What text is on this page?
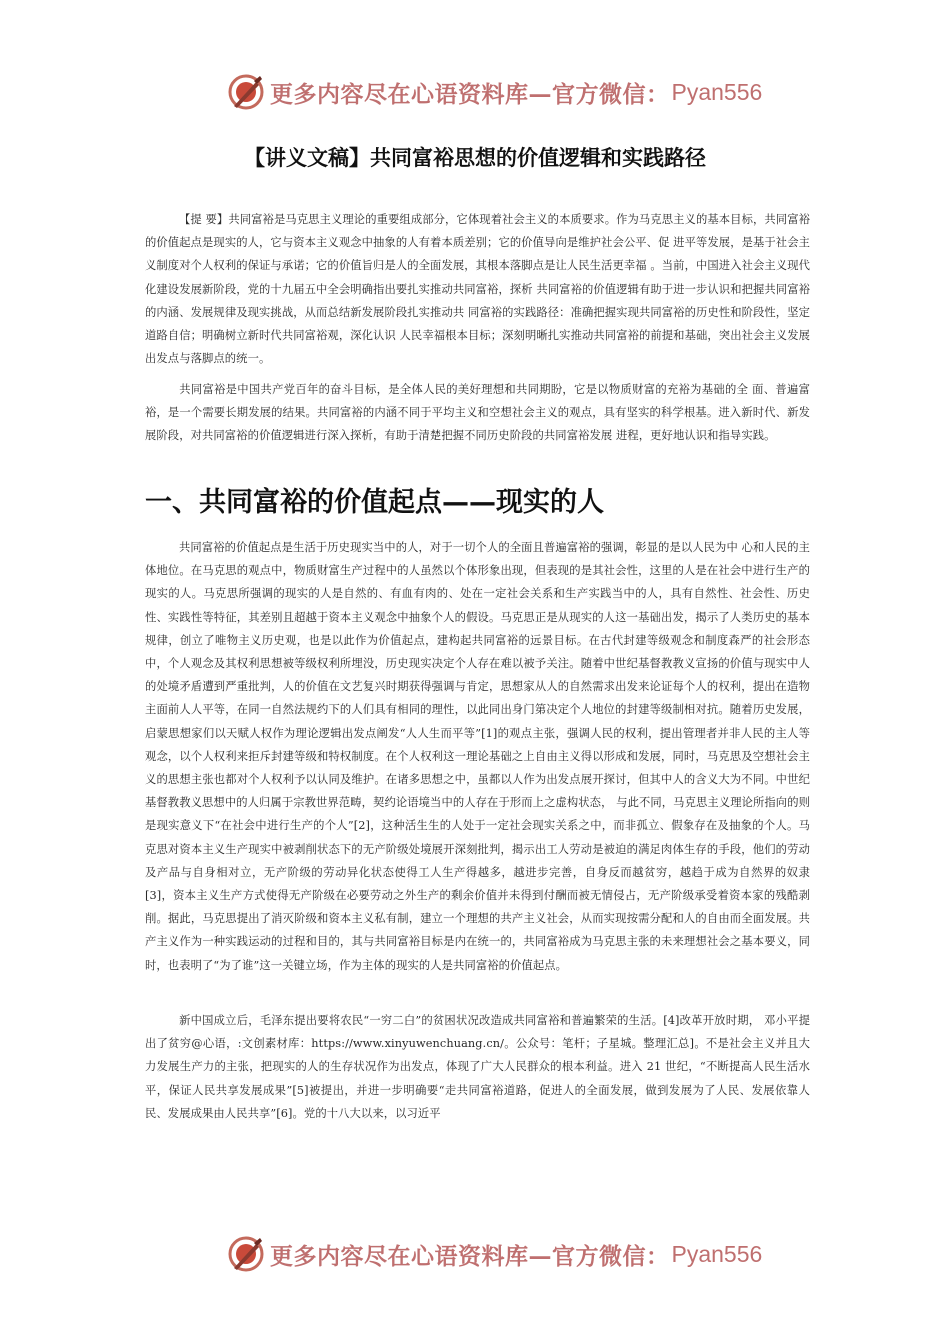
更多内容尽在心语资料库—官方微信： Pyan556
【讲义文稿】共同富裕思想的价值逻辑和实践路径

【提 要】共同富裕是马克思主义理论的重要组成部分，它体现着社会主义的本质要求。作为马克思主义的基本目标，共同富裕的价值起点是现实的人，它与资本主义观念中抽象的人有着本质差别；它的价值导向是维护社会公平、促 进平等发展，是基于社会主义制度对个人权利的保证与承诺；它的价值旨归是人的全面发展，其根本落脚点是让人民生活更幸福 。当前，中国进入社会主义现代化建设发展新阶段，党的十九届五中全会明确指出要扎实推动共同富裕，探析 共同富裕的价值逻辑有助于进一步认识和把握共同富裕的内涵、发展规律及现实挑战，从而总结新发展阶段扎实推动共 同富裕的实践路径：准确把握实现共同富裕的历史性和阶段性，坚定道路自信；明确树立新时代共同富裕观，深化认识 人民幸福根本目标；深刻明晰扎实推动共同富裕的前提和基础，突出社会主义发展出发点与落脚点的统一。

共同富裕是中国共产党百年的奋斗目标，是全体人民的美好理想和共同期盼，它是以物质财富的充裕为基础的全 面、普遍富裕，是一个需要长期发展的结果。共同富裕的内涵不同于平均主义和空想社会主义的观点，具有坚实的科学根基。进入新时代、新发展阶段，对共同富裕的价值逻辑进行深入探析，有助于清楚把握不同历史阶段的共同富裕发展 进程，更好地认识和指导实践。

一、共同富裕的价值起点——现实的人

共同富裕的价值起点是生活于历史现实当中的人，对于一切个人的全面且普遍富裕的强调，彰显的是以人民为中 心和人民的主体地位。在马克思的观点中，物质财富生产过程中的人虽然以个体形象出现，但表现的是其社会性，这里的人是在社会中进行生产的现实的人。马克思所强调的现实的人是自然的、有血有肉的、处在一定社会关系和生产实践当中的人，具有自然性、社会性、历史性、实践性等特征，其差别且超越于资本主义观念中抽象个人的假设。马克思正是从现实的人这一基础出发，揭示了人类历史的基本规律，创立了唯物主义历史观，也是以此作为价值起点，建构起共同富裕的远景目标。在古代封建等级观念和制度森严的社会形态中，个人观念及其权利思想被等级权利所埋没，历史现实决定个人存在难以被予关注。随着中世纪基督教教义宣扬的价值与现实中人的处境矛盾遭到严重批判，人的价值在文艺复兴时期获得强调与肯定，思想家从人的自然需求出发来论证每个人的权利，提出在造物主面前人人平等，在同一自然法规约下的人们具有相同的理性，以此同出身门第决定个人地位的封建等级制相对抗。随着历史发展，启蒙思想家们以天赋人权作为理论逻辑出发点阐发“人人生而平等”[1]的观点主张，强调人民的权利，提出管理者并非人民的主人等观念，以个人权利来拒斥封建等级和特权制度。在个人权利这一理论基础之上自由主义得以形成和发展，同时，马克思及空想社会主义的思想主张也都对个人权利予以认同及维护。在诸多思想之中，虽都以人作为出发点展开探讨，但其中人的含义大为不同。中世纪基督教教义思想中的人归属于宗教世界范畴，契约论语境当中的人存在于形而上之虚构状态， 与此不同，马克思主义理论所指向的则是现实意义下“在社会中进行生产的个人”[2]，这种活生生的人处于一定社会现实关系之中，而非孤立、假象存在及抽象的个人。马克思对资本主义生产现实中被剥削状态下的无产阶级处境展开深刻批判，揭示出工人劳动是被迫的满足肉体生存的手段，他们的劳动及产品与自身相对立，无产阶级的劳动异化状态使得工人生产得越多，越进步完善，自身反而越贫穷，越趋于成为自然界的奴隶[3]，资本主义生产方式使得无产阶级在必要劳动之外生产的剩余价值并未得到付酬而被无情侵占，无产阶级承受着资本家的残酷剥削。据此，马克思提出了消灭阶级和资本主义私有制，建立一个理想的共产主义社会，从而实现按需分配和人的自由而全面发展。共产主义作为一种实践运动的过程和目的，其与共同富裕目标是内在统一的，共同富裕成为马克思主张的未来理想社会之基本要义，同时，也表明了“为了谁”这一关键立场，作为主体的现实的人是共同富裕的价值起点。

新中国成立后，毛泽东提出要将农民“一穷二白”的贫困状况改造成共同富裕和普遍繁荣的生活。[4]改革开放时期， 邓小平提出了贫穷@心语，:文创素材库：https://www.xinyuwenchuang.cn/。公众号：笔杆；子星城。整理汇总]。不是社会主义并且大力发展生产力的主张，把现实的人的生存状况作为出发点，体现了广大人民群众的根本利益。进入 21 世纪，“不断提高人民生活水平，保证人民共享发展成果”[5]被提出，并进一步明确要“走共同富裕道路，促进人的全面发展，做到发展为了人民、发展依靠人民、发展成果由人民共享”[6]。党的十八大以来，以习近平

更多内容尽在心语资料库—官方微信： Pyan556
